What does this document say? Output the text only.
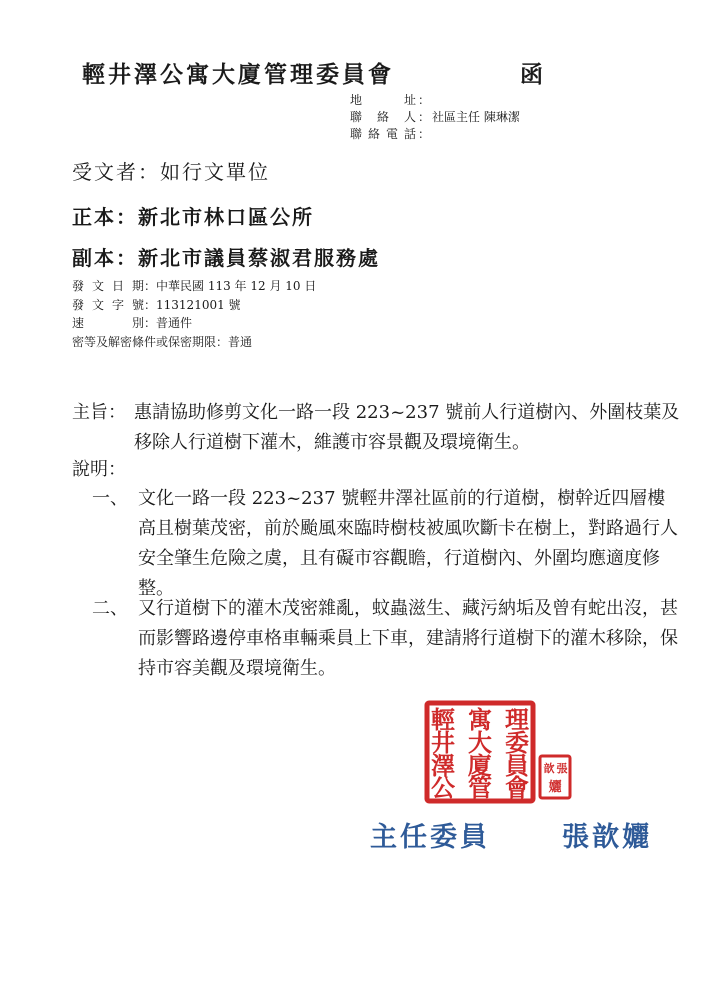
輕井澤公寓大廈管理委員會	函
地址 ：
聯絡人 ： 社區主任 陳琳潔
聯絡電話 ：
受文者：如行文單位
正本：新北市林口區公所
副本：新北市議員蔡淑君服務處
發文日期 ： 中華民國 113 年 12 月 10 日
發文字號 ： 113121001 號
速別 ： 普通件
密等及解密條件或保密期限 ： 普通
主旨： 惠請協助修剪文化一路一段 223~237 號前人行道樹內、外圍枝葉及移除人行道樹下灌木，維護市容景觀及環境衛生。
說明：
一、 文化一路一段 223~237 號輕井澤社區前的行道樹，樹幹近四層樓高且樹葉茂密，前於颱風來臨時樹枝被風吹斷卡在樹上，對路過行人安全肇生危險之虞，且有礙市容觀瞻，行道樹內、外圍均應適度修整。
二、 又行道樹下的灌木茂密雜亂，蚊蟲滋生、藏污納垢及曾有蛇出沒，甚而影響路邊停車格車輛乘員上下車，建請將行道樹下的灌木移除，保持市容美觀及環境衛生。
理
寓
輕
委
大
井
員
廈
澤
會
管
公
張
歆
孋
主任委員	張歆孋
